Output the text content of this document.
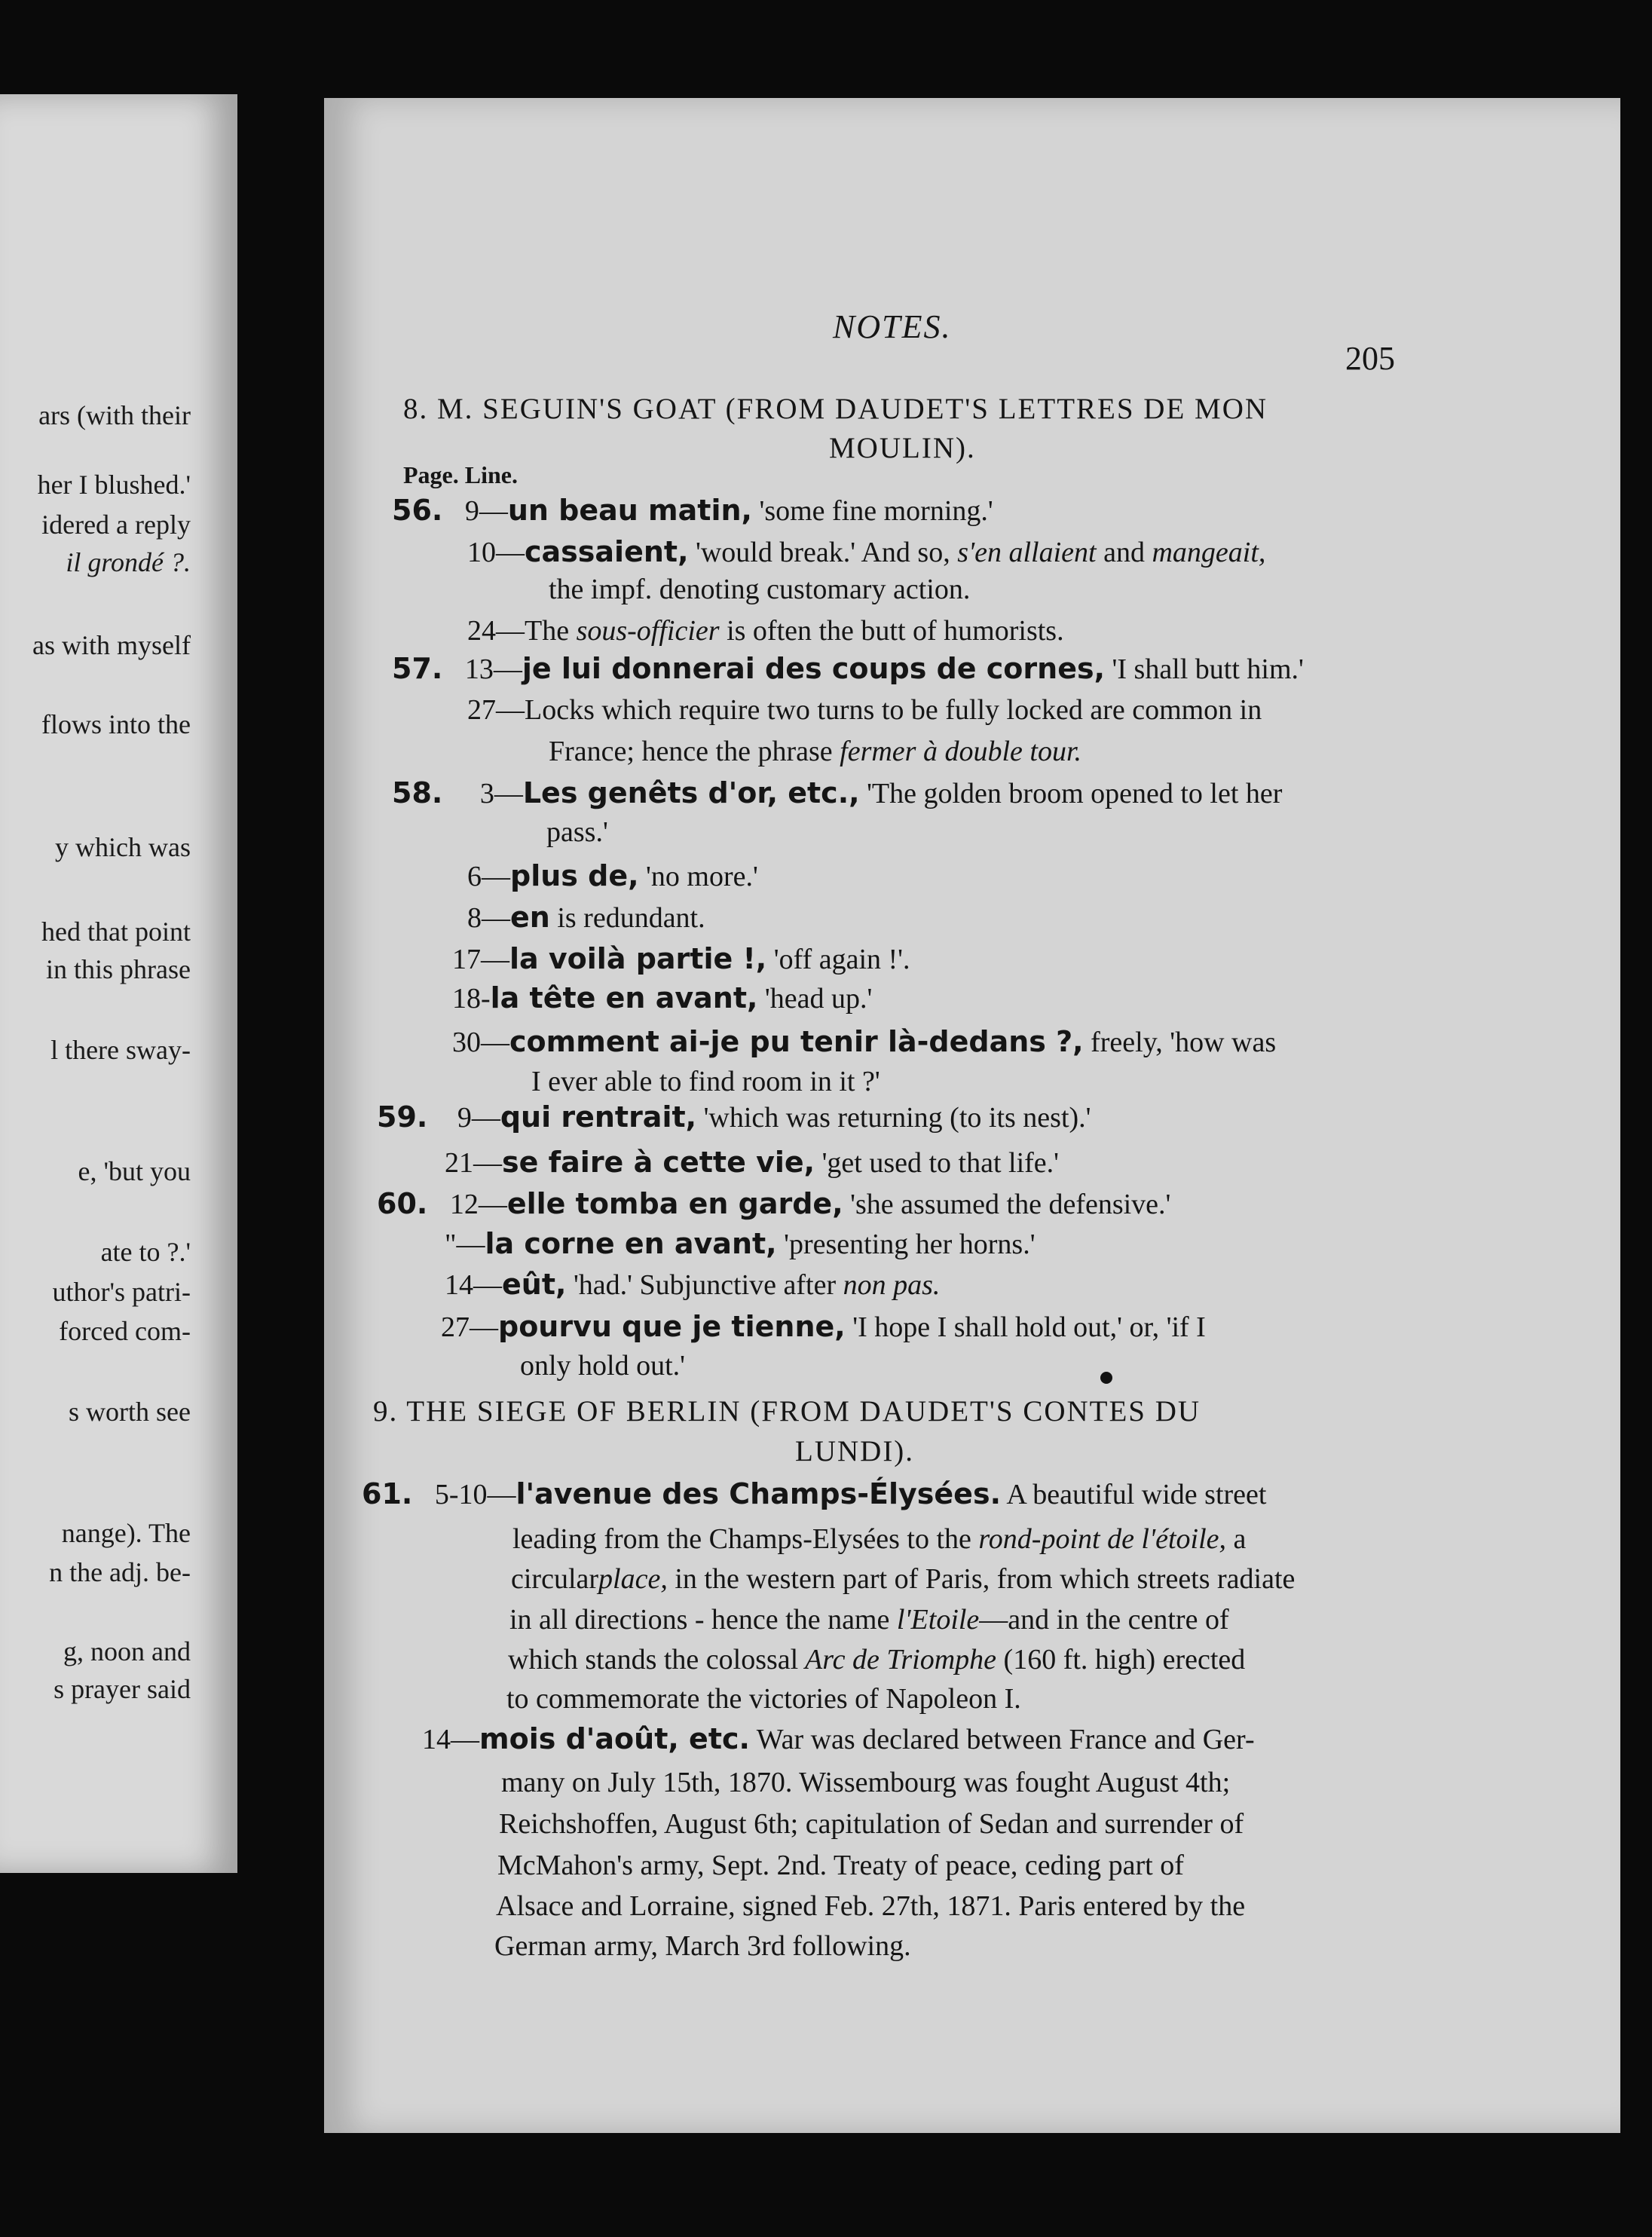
ars (with their
her I blushed.'
idered a reply
il grondé ?.
as with myself
flows into the
y which was
hed that point
in this phrase
l there sway-
e, 'but you
ate to ?.'
uthor's patri-
forced com-
s worth see
nange). The
n the adj. be-
g, noon and
s prayer said
NOTES.
205
8. M. SEGUIN'S GOAT (FROM DAUDET'S LETTRES DE MON
MOULIN).
Page. Line.
56. 9—un beau matin, 'some fine morning.'
10—cassaient, 'would break.' And so, s'en allaient and mangeait,
the impf. denoting customary action.
24—The sous-officier is often the butt of humorists.
57. 13—je lui donnerai des coups de cornes, 'I shall butt him.'
27—Locks which require two turns to be fully locked are common in
France; hence the phrase fermer à double tour.
58. 3—Les genêts d'or, etc., 'The golden broom opened to let her
pass.'
6—plus de, 'no more.'
8—en is redundant.
17—la voilà partie !, 'off again !'.
18-la tête en avant, 'head up.'
30—comment ai-je pu tenir là-dedans ?, freely, 'how was
I ever able to find room in it ?'
59. 9—qui rentrait, 'which was returning (to its nest).'
21—se faire à cette vie, 'get used to that life.'
60. 12—elle tomba en garde, 'she assumed the defensive.'
"—la corne en avant, 'presenting her horns.'
14—eût, 'had.' Subjunctive after non pas.
27—pourvu que je tienne, 'I hope I shall hold out,' or, 'if I
only hold out.'
9. THE SIEGE OF BERLIN (FROM DAUDET'S CONTES DU
LUNDI).
61. 5-10—l'avenue des Champs-Élysées. A beautiful wide street
leading from the Champs-Elysées to the rond-point de l'étoile, a
circularplace, in the western part of Paris, from which streets radiate
in all directions - hence the name l'Etoile—and in the centre of
which stands the colossal Arc de Triomphe (160 ft. high) erected
to commemorate the victories of Napoleon I.
14—mois d'août, etc. War was declared between France and Ger-
many on July 15th, 1870. Wissembourg was fought August 4th;
Reichshoffen, August 6th; capitulation of Sedan and surrender of
McMahon's army, Sept. 2nd. Treaty of peace, ceding part of
Alsace and Lorraine, signed Feb. 27th, 1871. Paris entered by the
German army, March 3rd following.
